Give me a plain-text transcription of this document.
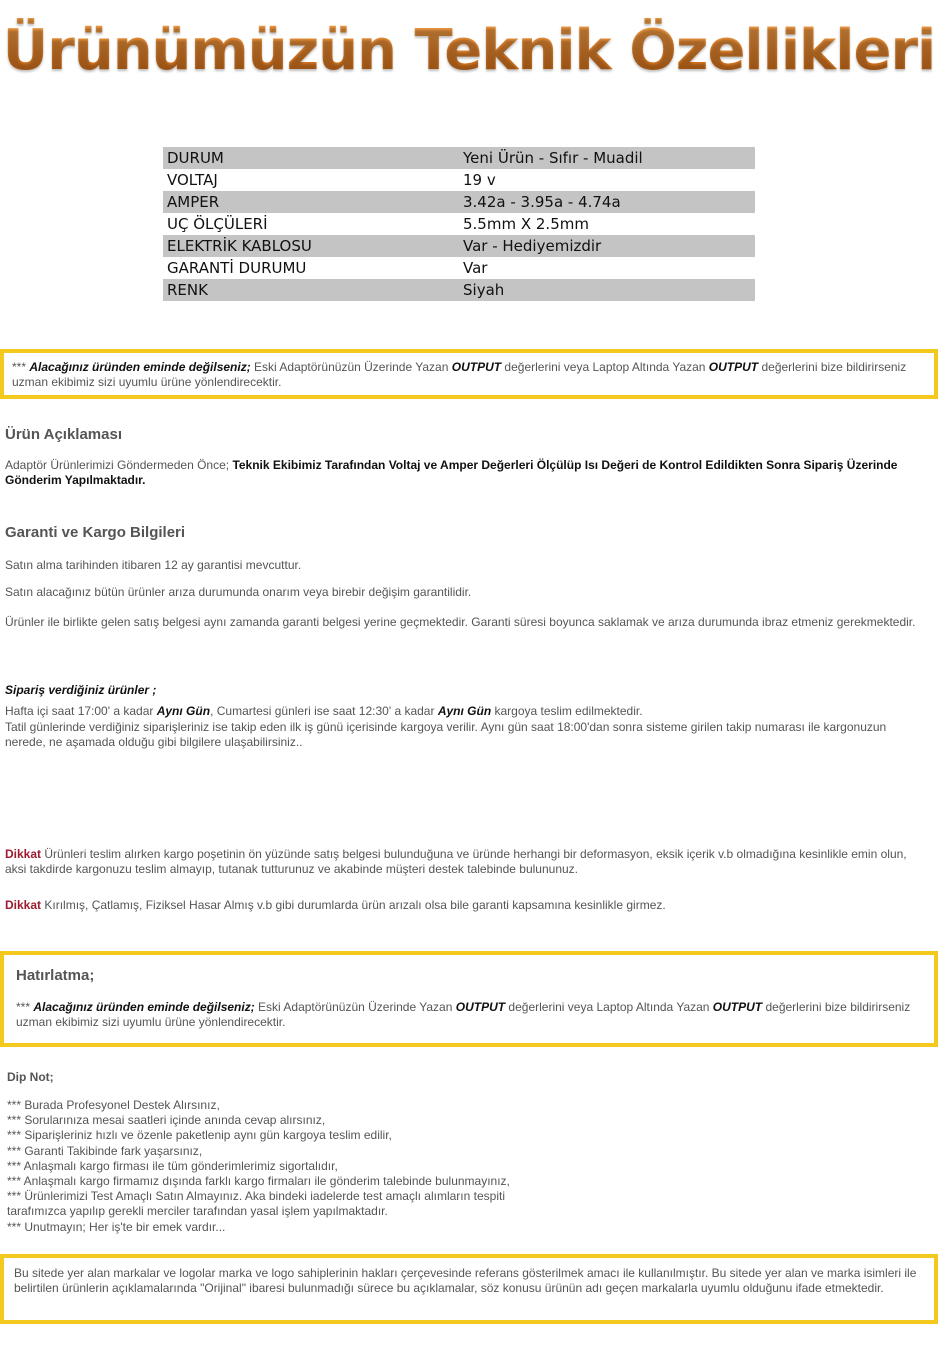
Ürünümüzün Teknik Özellikleri
DURUM	Yeni Ürün - Sıfır - Muadil
VOLTAJ	19 v
AMPER	3.42a - 3.95a - 4.74a
UÇ ÖLÇÜLERİ	5.5mm X 2.5mm
ELEKTRİK KABLOSU	Var - Hediyemizdir
GARANTİ DURUMU	Var
RENK	Siyah
*** Alacağınız üründen eminde değilseniz; Eski Adaptörünüzün Üzerinde Yazan OUTPUT değerlerini veya Laptop Altında Yazan OUTPUT değerlerini bize bildirirseniz uzman ekibimiz sizi uyumlu ürüne yönlendirecektir.
Ürün Açıklaması
Adaptör Ürünlerimizi Göndermeden Önce; Teknik Ekibimiz Tarafından Voltaj ve Amper Değerleri Ölçülüp Isı Değeri de Kontrol Edildikten Sonra Sipariş Üzerinde Gönderim Yapılmaktadır.
Garanti ve Kargo Bilgileri
Satın alma tarihinden itibaren 12 ay garantisi mevcuttur.
Satın alacağınız bütün ürünler arıza durumunda onarım veya birebir değişim garantilidir.
Ürünler ile birlikte gelen satış belgesi aynı zamanda garanti belgesi yerine geçmektedir. Garanti süresi boyunca saklamak ve arıza durumunda ibraz etmeniz gerekmektedir.
Sipariş verdiğiniz ürünler ;
Hafta içi saat 17:00' a kadar Aynı Gün, Cumartesi günleri ise saat 12:30' a kadar Aynı Gün kargoya teslim edilmektedir.
Tatil günlerinde verdiğiniz siparişleriniz ise takip eden ilk iş günü içerisinde kargoya verilir. Aynı gün saat 18:00'dan sonra sisteme girilen takip numarası ile kargonuzun nerede, ne aşamada olduğu gibi bilgilere ulaşabilirsiniz..
Dikkat Ürünleri teslim alırken kargo poşetinin ön yüzünde satış belgesi bulunduğuna ve üründe herhangi bir deformasyon, eksik içerik v.b olmadığına kesinlikle emin olun, aksi takdirde kargonuzu teslim almayıp, tutanak tutturunuz ve akabinde müşteri destek talebinde bulununuz.
Dikkat Kırılmış, Çatlamış, Fiziksel Hasar Almış v.b gibi durumlarda ürün arızalı olsa bile garanti kapsamına kesinlikle girmez.
Hatırlatma;
*** Alacağınız üründen eminde değilseniz; Eski Adaptörünüzün Üzerinde Yazan OUTPUT değerlerini veya Laptop Altında Yazan OUTPUT değerlerini bize bildirirseniz uzman ekibimiz sizi uyumlu ürüne yönlendirecektir.
Dip Not;
*** Burada Profesyonel Destek Alırsınız,
*** Sorularınıza mesai saatleri içinde anında cevap alırsınız,
*** Siparişleriniz hızlı ve özenle paketlenip aynı gün kargoya teslim edilir,
*** Garanti Takibinde fark yaşarsınız,
*** Anlaşmalı kargo firması ile tüm gönderimlerimiz sigortalıdır,
*** Anlaşmalı kargo firmamız dışında farklı kargo firmaları ile gönderim talebinde bulunmayınız,
*** Ürünlerimizi Test Amaçlı Satın Almayınız. Aka bindeki iadelerde test amaçlı alımların tespiti
tarafımızca yapılıp gerekli merciler tarafından yasal işlem yapılmaktadır.
*** Unutmayın; Her iş'te bir emek vardır...
Bu sitede yer alan markalar ve logolar marka ve logo sahiplerinin hakları çerçevesinde referans gösterilmek amacı ile kullanılmıştır. Bu sitede yer alan ve marka isimleri ile belirtilen ürünlerin açıklamalarında "Orijinal" ibaresi bulunmadığı sürece bu açıklamalar, söz konusu ürünün adı geçen markalarla uyumlu olduğunu ifade etmektedir.
